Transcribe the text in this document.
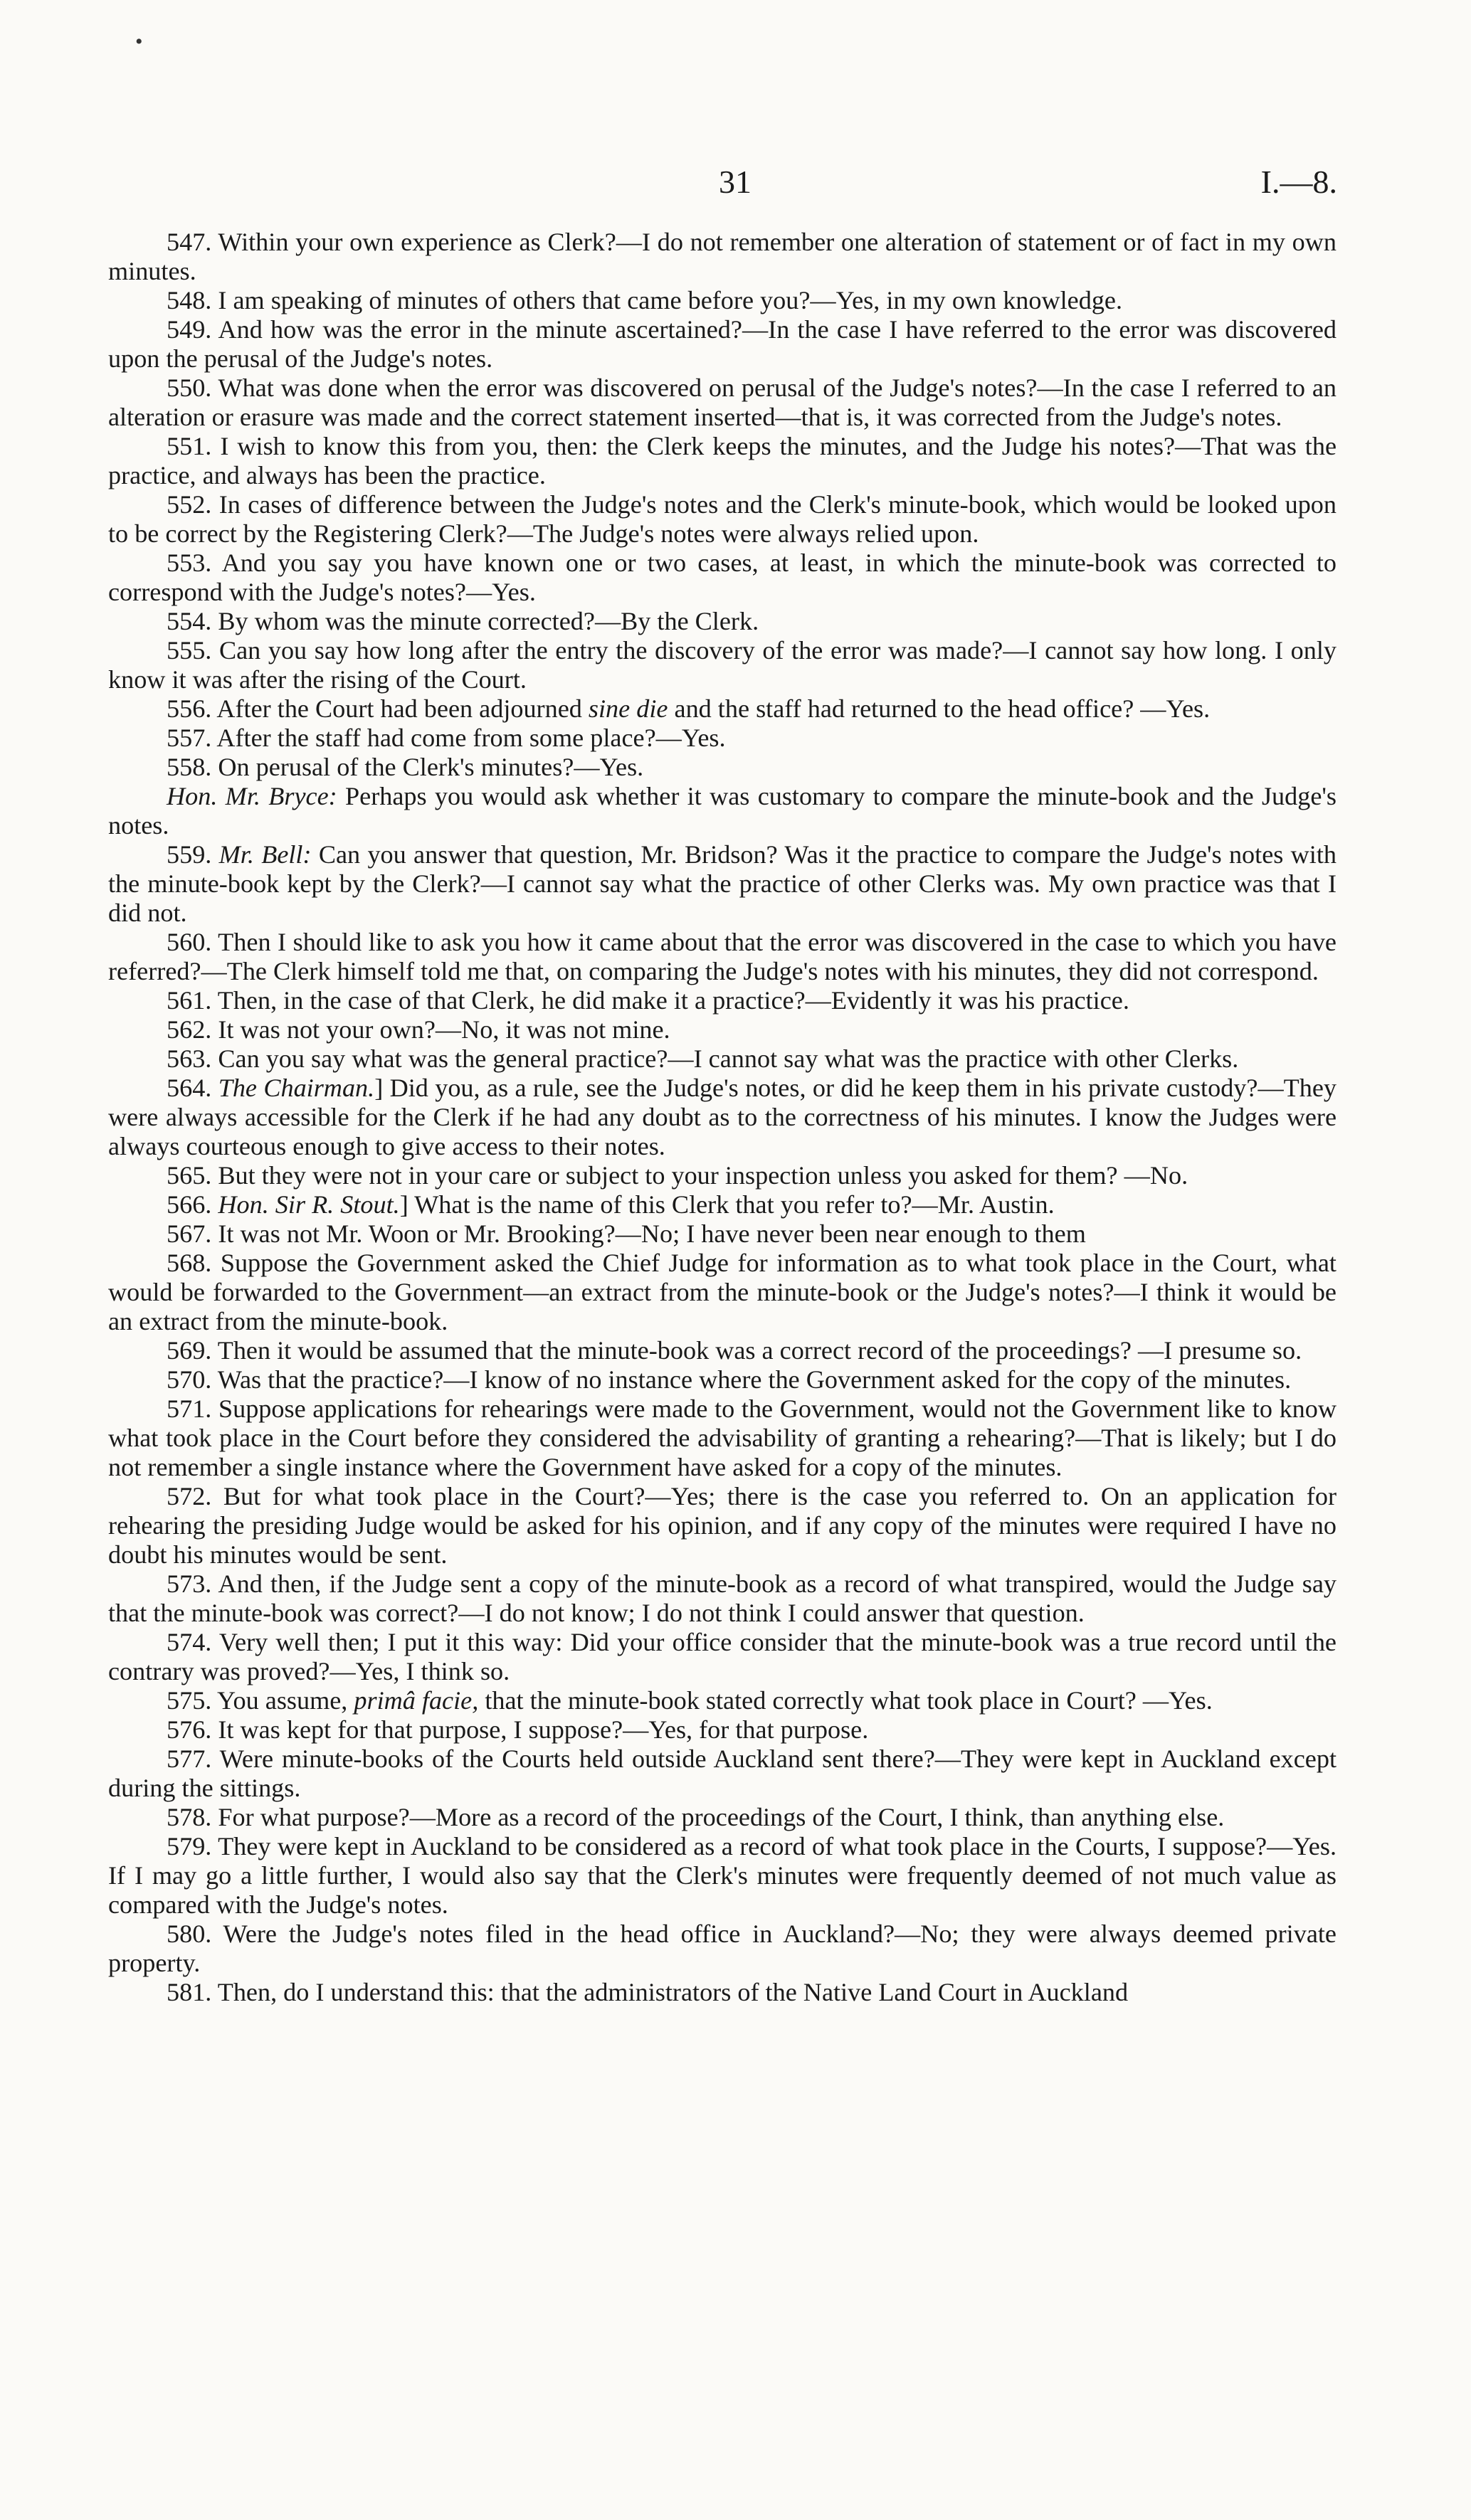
•
31	I.—8.

547. Within your own experience as Clerk?—I do not remember one alteration of statement or of fact in my own minutes.

548. I am speaking of minutes of others that came before you?—Yes, in my own knowledge.

549. And how was the error in the minute ascertained?—In the case I have referred to the error was discovered upon the perusal of the Judge's notes.

550. What was done when the error was discovered on perusal of the Judge's notes?—In the case I referred to an alteration or erasure was made and the correct statement inserted—that is, it was corrected from the Judge's notes.

551. I wish to know this from you, then: the Clerk keeps the minutes, and the Judge his notes?—That was the practice, and always has been the practice.

552. In cases of difference between the Judge's notes and the Clerk's minute-book, which would be looked upon to be correct by the Registering Clerk?—The Judge's notes were always relied upon.

553. And you say you have known one or two cases, at least, in which the minute-book was corrected to correspond with the Judge's notes?—Yes.

554. By whom was the minute corrected?—By the Clerk.

555. Can you say how long after the entry the discovery of the error was made?—I cannot say how long. I only know it was after the rising of the Court.

556. After the Court had been adjourned sine die and the staff had returned to the head office? —Yes.

557. After the staff had come from some place?—Yes.

558. On perusal of the Clerk's minutes?—Yes.

Hon. Mr. Bryce: Perhaps you would ask whether it was customary to compare the minute-book and the Judge's notes.

559. Mr. Bell: Can you answer that question, Mr. Bridson? Was it the practice to compare the Judge's notes with the minute-book kept by the Clerk?—I cannot say what the practice of other Clerks was. My own practice was that I did not.

560. Then I should like to ask you how it came about that the error was discovered in the case to which you have referred?—The Clerk himself told me that, on comparing the Judge's notes with his minutes, they did not correspond.

561. Then, in the case of that Clerk, he did make it a practice?—Evidently it was his practice.

562. It was not your own?—No, it was not mine.

563. Can you say what was the general practice?—I cannot say what was the practice with other Clerks.

564. The Chairman.] Did you, as a rule, see the Judge's notes, or did he keep them in his private custody?—They were always accessible for the Clerk if he had any doubt as to the correctness of his minutes. I know the Judges were always courteous enough to give access to their notes.

565. But they were not in your care or subject to your inspection unless you asked for them? —No.

566. Hon. Sir R. Stout.] What is the name of this Clerk that you refer to?—Mr. Austin.

567. It was not Mr. Woon or Mr. Brooking?—No; I have never been near enough to them

568. Suppose the Government asked the Chief Judge for information as to what took place in the Court, what would be forwarded to the Government—an extract from the minute-book or the Judge's notes?—I think it would be an extract from the minute-book.

569. Then it would be assumed that the minute-book was a correct record of the proceedings? —I presume so.

570. Was that the practice?—I know of no instance where the Government asked for the copy of the minutes.

571. Suppose applications for rehearings were made to the Government, would not the Government like to know what took place in the Court before they considered the advisability of granting a rehearing?—That is likely; but I do not remember a single instance where the Government have asked for a copy of the minutes.

572. But for what took place in the Court?—Yes; there is the case you referred to. On an application for rehearing the presiding Judge would be asked for his opinion, and if any copy of the minutes were required I have no doubt his minutes would be sent.

573. And then, if the Judge sent a copy of the minute-book as a record of what transpired, would the Judge say that the minute-book was correct?—I do not know; I do not think I could answer that question.

574. Very well then; I put it this way: Did your office consider that the minute-book was a true record until the contrary was proved?—Yes, I think so.

575. You assume, primâ facie, that the minute-book stated correctly what took place in Court? —Yes.

576. It was kept for that purpose, I suppose?—Yes, for that purpose.

577. Were minute-books of the Courts held outside Auckland sent there?—They were kept in Auckland except during the sittings.

578. For what purpose?—More as a record of the proceedings of the Court, I think, than anything else.

579. They were kept in Auckland to be considered as a record of what took place in the Courts, I suppose?—Yes. If I may go a little further, I would also say that the Clerk's minutes were frequently deemed of not much value as compared with the Judge's notes.

580. Were the Judge's notes filed in the head office in Auckland?—No; they were always deemed private property.

581. Then, do I understand this: that the administrators of the Native Land Court in Auckland
